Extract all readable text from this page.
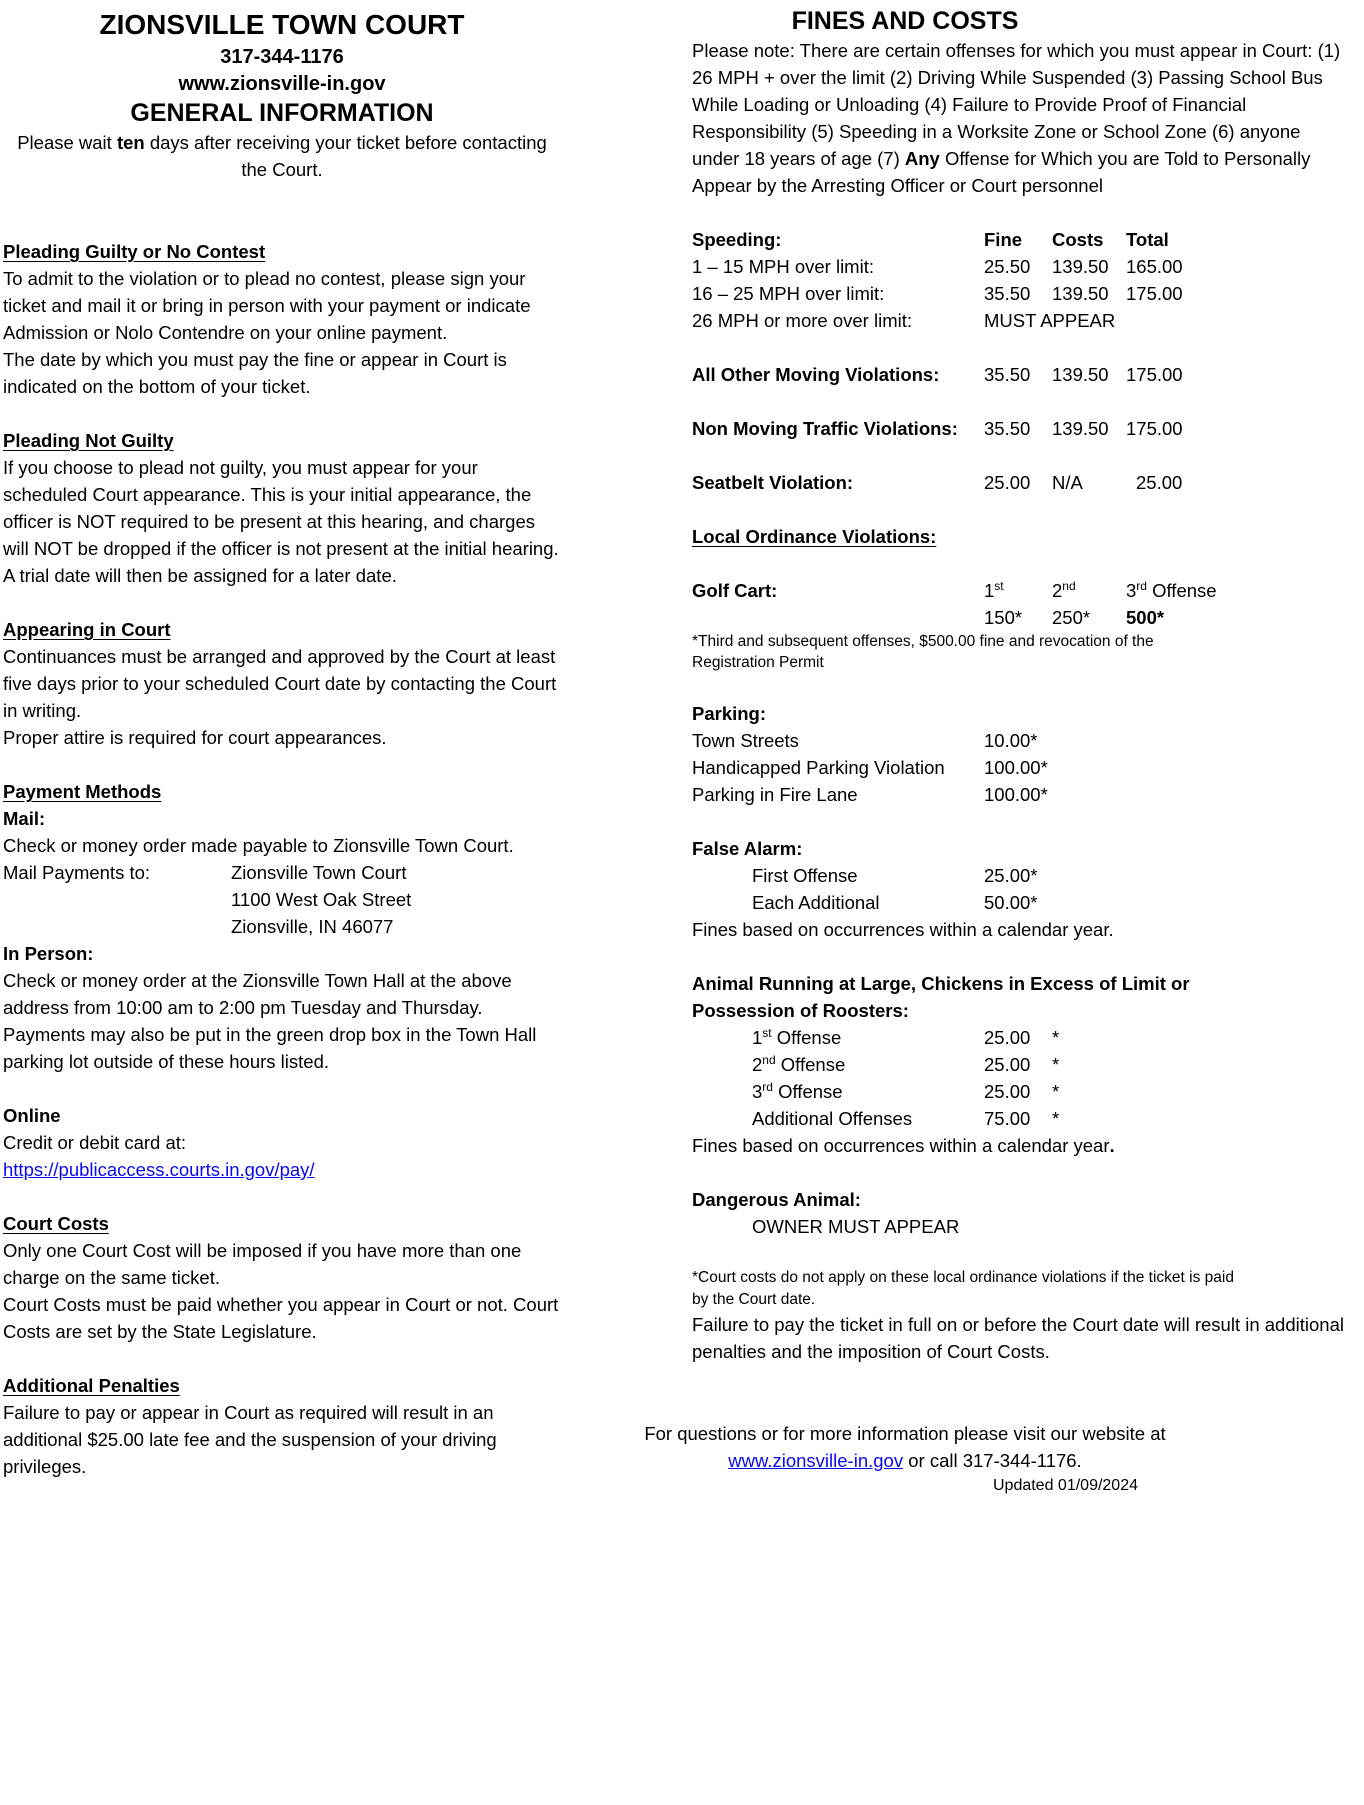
ZIONSVILLE TOWN COURT
317-344-1176
www.zionsville-in.gov
GENERAL INFORMATION
Please wait ten days after receiving your ticket before contacting the Court.
Pleading Guilty or No Contest

To admit to the violation or to plead no contest, please sign your ticket and mail it or bring in person with your payment or indicate Admission or Nolo Contendre on your online payment.

The date by which you must pay the fine or appear in Court is indicated on the bottom of your ticket.

Pleading Not Guilty

If you choose to plead not guilty, you must appear for your scheduled Court appearance. This is your initial appearance, the officer is NOT required to be present at this hearing, and charges will NOT be dropped if the officer is not present at the initial hearing. A trial date will then be assigned for a later date.

Appearing in Court

Continuances must be arranged and approved by the Court at least five days prior to your scheduled Court date by contacting the Court in writing.

Proper attire is required for court appearances.

Payment Methods
Mail:

Check or money order made payable to Zionsville Town Court.

Mail Payments to:	Zionsville Town Court
1100 West Oak Street
Zionsville, IN 46077
In Person:

Check or money order at the Zionsville Town Hall at the above address from 10:00 am to 2:00 pm Tuesday and Thursday. Payments may also be put in the green drop box in the Town Hall parking lot outside of these hours listed.

Online

Credit or debit card at:

https://publicaccess.courts.in.gov/pay/
Court Costs

Only one Court Cost will be imposed if you have more than one charge on the same ticket.

Court Costs must be paid whether you appear in Court or not. Court Costs are set by the State Legislature.

Additional Penalties

Failure to pay or appear in Court as required will result in an additional $25.00 late fee and the suspension of your driving privileges.

FINES AND COSTS

Please note: There are certain offenses for which you must appear in Court: (1) 26 MPH + over the limit (2) Driving While Suspended (3) Passing School Bus While Loading or Unloading (4) Failure to Provide Proof of Financial Responsibility (5) Speeding in a Worksite Zone or School Zone (6) anyone under 18 years of age (7) Any Offense for Which you are Told to Personally Appear by the Arresting Officer or Court personnel

Speeding:	Fine	Costs	Total
1 – 15 MPH over limit:	25.50	139.50 165.00
16 – 25 MPH over limit:	35.50	139.50 175.00
26 MPH or more over limit:	MUST APPEAR
All Other Moving Violations:	35.50	139.50 175.00
Non Moving Traffic Violations:	35.50	139.50 175.00
Seatbelt Violation:	25.00	N/A	25.00
Local Ordinance Violations:
Golf Cart:	1st	2nd	3rd Offense
150*	250*	500*
*Third and subsequent offenses, $500.00 fine and revocation of the Registration Permit
Parking:
Town Streets	10.00*
Handicapped Parking Violation	100.00*
Parking in Fire Lane	100.00*
False Alarm:
First Offense	25.00*
Each Additional	50.00*
Fines based on occurrences within a calendar year.
Animal Running at Large, Chickens in Excess of Limit or Possession of Roosters:
1st Offense	25.00	*
2nd Offense	25.00	*
3rd Offense	25.00	*
Additional Offenses	75.00	*
Fines based on occurrences within a calendar year.
Dangerous Animal:
OWNER MUST APPEAR
*Court costs do not apply on these local ordinance violations if the ticket is paid by the Court date.

Failure to pay the ticket in full on or before the Court date will result in additional penalties and the imposition of Court Costs.

For questions or for more information please visit our website at www.zionsville-in.gov or call 317-344-1176.
Updated 01/09/2024
